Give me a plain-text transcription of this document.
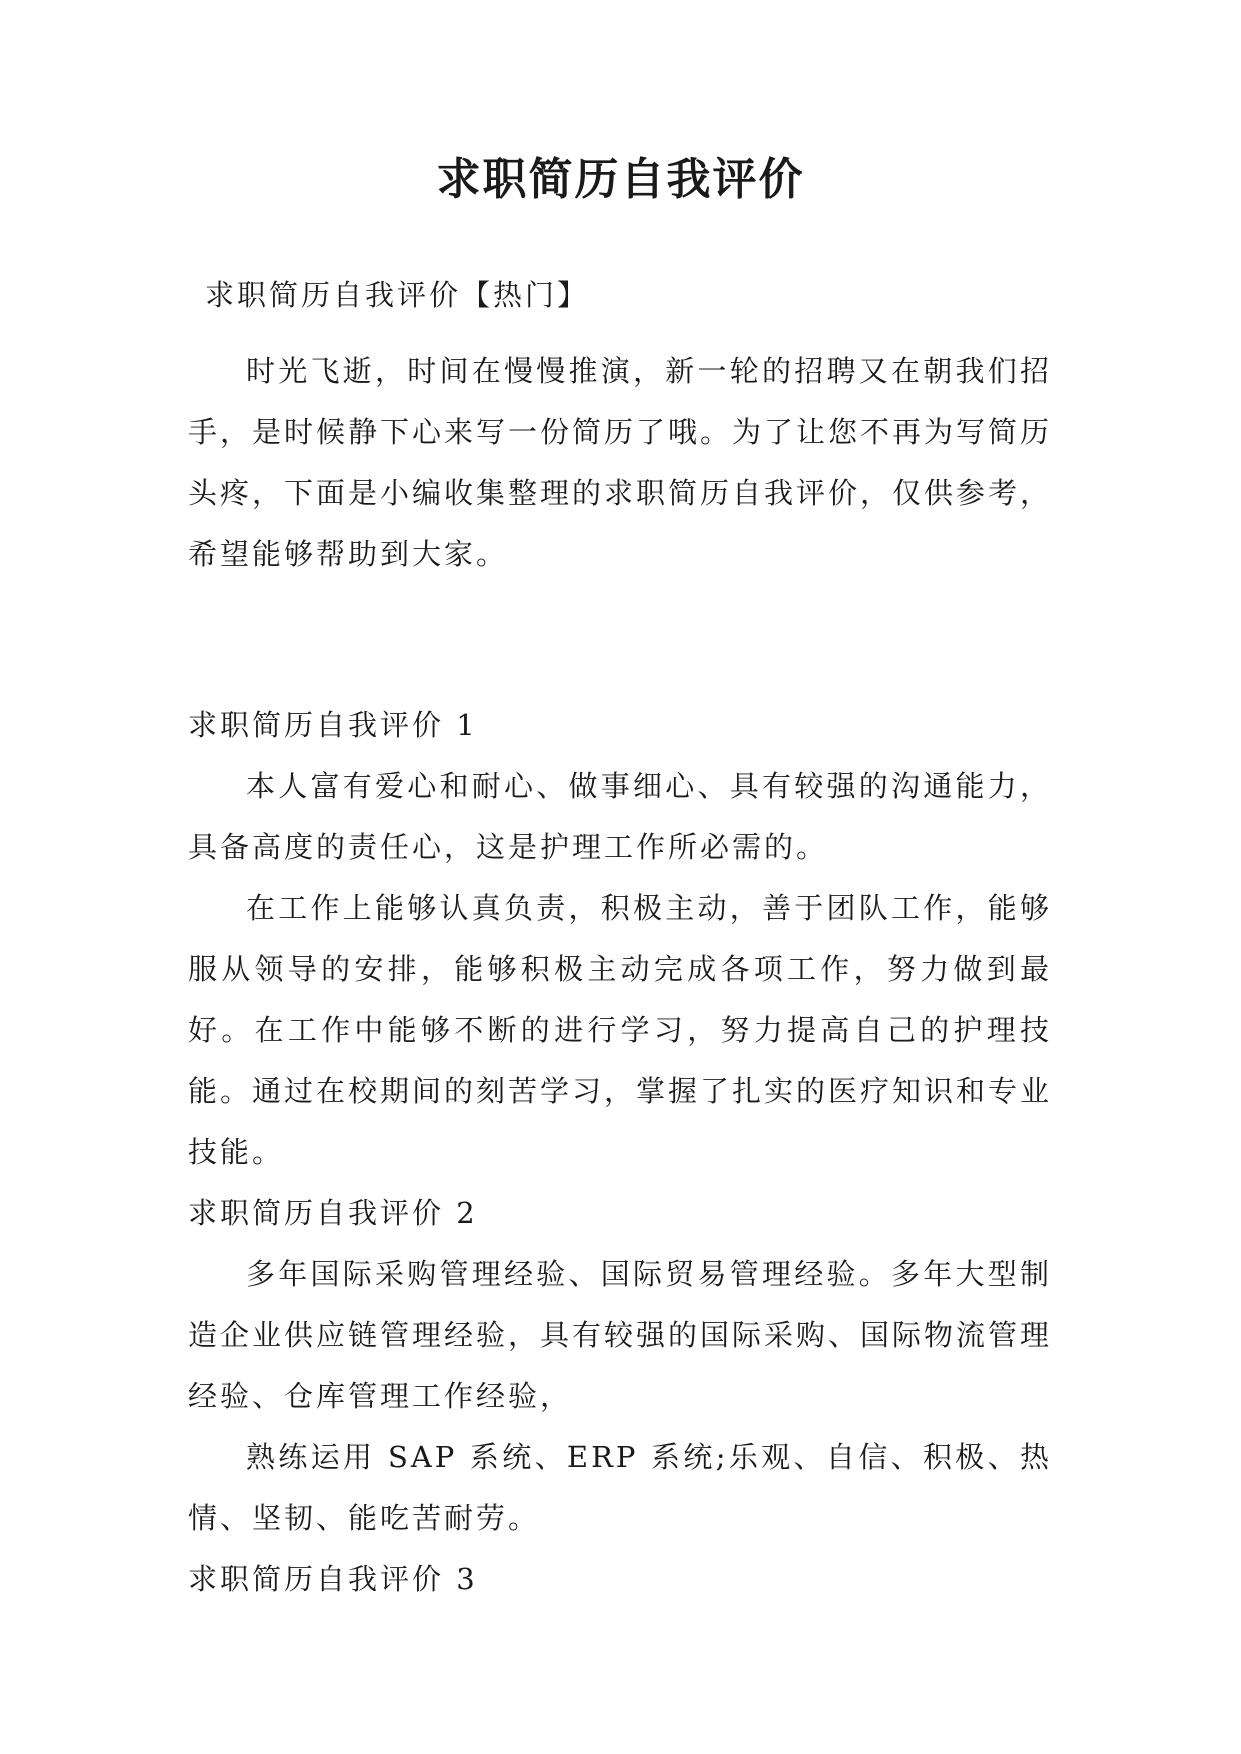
求职简历自我评价
求职简历自我评价【热门】

时光飞逝，时间在慢慢推演，新一轮的招聘又在朝我们招手，是时候静下心来写一份简历了哦。为了让您不再为写简历头疼，下面是小编收集整理的求职简历自我评价，仅供参考，希望能够帮助到大家。

求职简历自我评价 1

本人富有爱心和耐心、做事细心、具有较强的沟通能力，具备高度的责任心，这是护理工作所必需的。

在工作上能够认真负责，积极主动，善于团队工作，能够服从领导的安排，能够积极主动完成各项工作，努力做到最好。在工作中能够不断的进行学习，努力提高自己的护理技能。通过在校期间的刻苦学习，掌握了扎实的医疗知识和专业技能。

求职简历自我评价 2

多年国际采购管理经验、国际贸易管理经验。多年大型制造企业供应链管理经验，具有较强的国际采购、国际物流管理经验、仓库管理工作经验，

熟练运用 SAP 系统、ERP 系统;乐观、自信、积极、热情、坚韧、能吃苦耐劳。

求职简历自我评价 3
